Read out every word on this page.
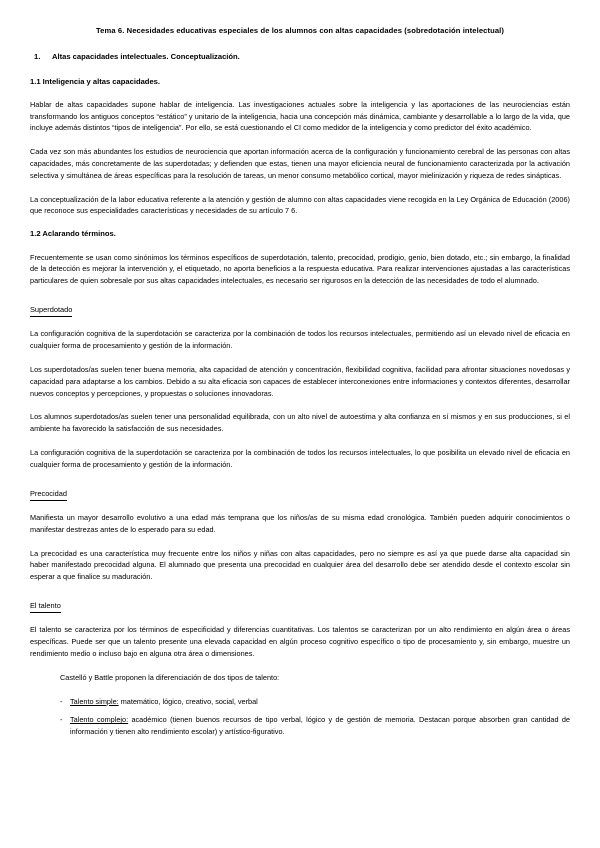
Tema 6. Necesidades educativas especiales de los alumnos con altas capacidades (sobredotación intelectual)
1. Altas capacidades intelectuales. Conceptualización.
1.1 Inteligencia y altas capacidades.

Hablar de altas capacidades supone hablar de inteligencia. Las investigaciones actuales sobre la inteligencia y las aportaciones de las neurociencias están transformando los antiguos conceptos “estático” y unitario de la inteligencia, hacia una concepción más dinámica, cambiante y desarrollable a lo largo de la vida, que incluye además distintos “tipos de inteligencia”. Por ello, se está cuestionando el CI como medidor de la inteligencia y como predictor del éxito académico.

Cada vez son más abundantes los estudios de neurociencia que aportan información acerca de la configuración y funcionamiento cerebral de las personas con altas capacidades, más concretamente de las superdotadas; y defienden que estas, tienen una mayor eficiencia neural de funcionamiento caracterizada por la activación selectiva y simultánea de áreas específicas para la resolución de tareas, un menor consumo metabólico cortical, mayor mielinización y riqueza de redes sinápticas.

La conceptualización de la labor educativa referente a la atención y gestión de alumno con altas capacidades viene recogida en la Ley Orgánica de Educación (2006) que reconoce sus especialidades características y necesidades de su artículo 7 6.

1.2 Aclarando términos.

Frecuentemente se usan como sinónimos los términos específicos de superdotación, talento, precocidad, prodigio, genio, bien dotado, etc.; sin embargo, la finalidad de la detección es mejorar la intervención y, el etiquetado, no aporta beneficios a la respuesta educativa. Para realizar intervenciones ajustadas a las características particulares de quien sobresale por sus altas capacidades intelectuales, es necesario ser rigurosos en la detección de las necesidades de todo el alumnado.

Superdotado

La configuración cognitiva de la superdotación se caracteriza por la combinación de todos los recursos intelectuales, permitiendo así un elevado nivel de eficacia en cualquier forma de procesamiento y gestión de la información.

Los superdotados/as suelen tener buena memoria, alta capacidad de atención y concentración, flexibilidad cognitiva, facilidad para afrontar situaciones novedosas y capacidad para adaptarse a los cambios. Debido a su alta eficacia son capaces de establecer interconexiones entre informaciones y contextos diferentes, desarrollar nuevos conceptos y percepciones, y propuestas o soluciones innovadoras.

Los alumnos superdotados/as suelen tener una personalidad equilibrada, con un alto nivel de autoestima y alta confianza en sí mismos y en sus producciones, si el ambiente ha favorecido la satisfacción de sus necesidades.

La configuración cognitiva de la superdotación se caracteriza por la combinación de todos los recursos intelectuales, lo que posibilita un elevado nivel de eficacia en cualquier forma de procesamiento y gestión de la información.

Precocidad

Manifiesta un mayor desarrollo evolutivo a una edad más temprana que los niños/as de su misma edad cronológica. También pueden adquirir conocimientos o manifestar destrezas antes de lo esperado para su edad.

La precocidad es una característica muy frecuente entre los niños y niñas con altas capacidades, pero no siempre es así ya que puede darse alta capacidad sin haber manifestado precocidad alguna. El alumnado que presenta una precocidad en cualquier área del desarrollo debe ser atendido desde el contexto escolar sin esperar a que finalice su maduración.

El talento

El talento se caracteriza por los términos de especificidad y diferencias cuantitativas. Los talentos se caracterizan por un alto rendimiento en algún área o áreas específicas. Puede ser que un talento presente una elevada capacidad en algún proceso cognitivo específico o tipo de procesamiento y, sin embargo, muestre un rendimiento medio o incluso bajo en alguna otra área o dimensiones.

Castelló y Battle proponen la diferenciación de dos tipos de talento:

- Talento simple: matemático, lógico, creativo, social, verbal
- Talento complejo: académico (tienen buenos recursos de tipo verbal, lógico y de gestión de memoria. Destacan porque absorben gran cantidad de información y tienen alto rendimiento escolar) y artístico-figurativo.
